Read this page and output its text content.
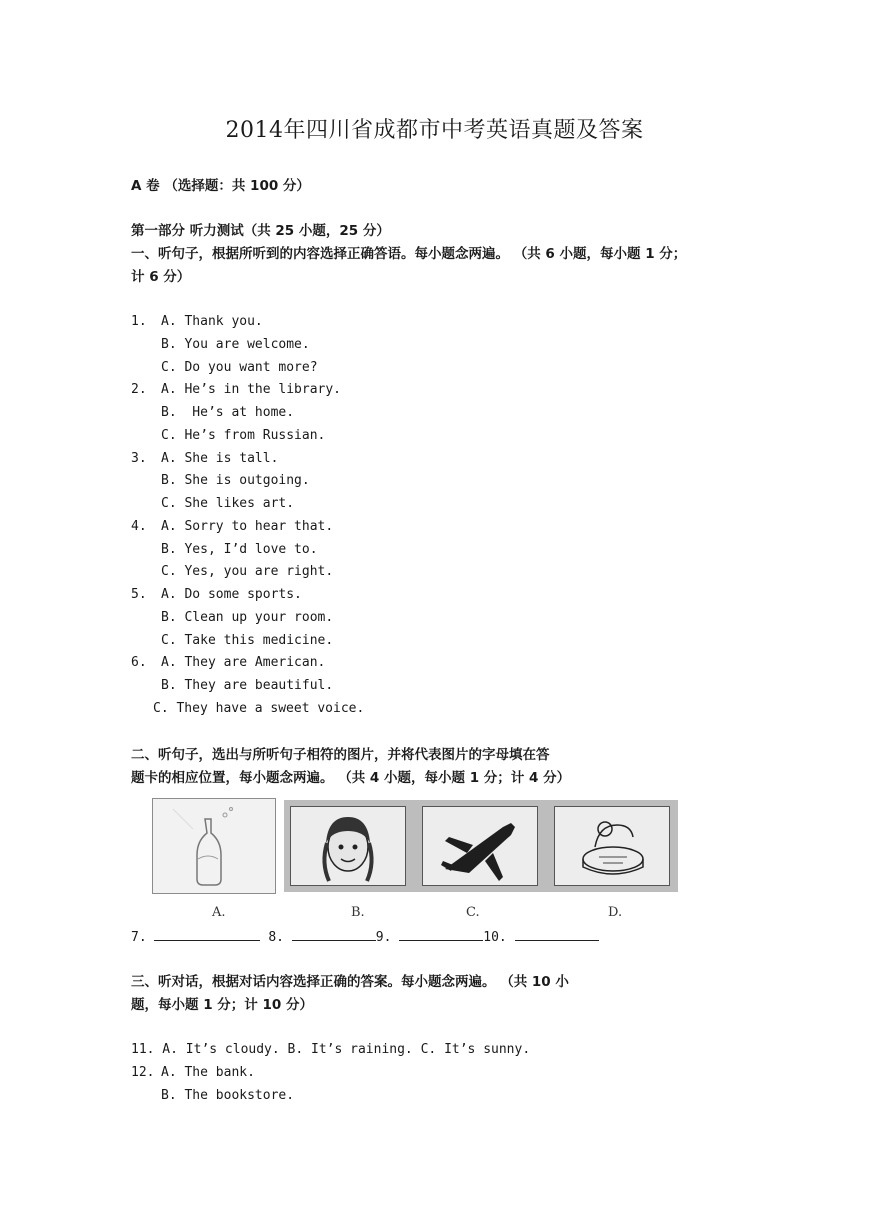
2014年四川省成都市中考英语真题及答案
A 卷 （选择题：共 100 分）
第一部分 听力测试（共 25 小题，25 分）
一、听句子，根据所听到的内容选择正确答语。每小题念两遍。 （共 6 小题，每小题 1 分；
计 6 分）
1. A. Thank you.
B. You are welcome.
C. Do you want more?
2. A. He’s in the library.
B.  He’s at home.
C. He’s from Russian.
3. A. She is tall.
B. She is outgoing.
C. She likes art.
4. A. Sorry to hear that.
B. Yes, I’d love to.
C. Yes, you are right.
5. A. Do some sports.
B. Clean up your room.
C. Take this medicine.
6. A. They are American.
B. They are beautiful.
C. They have a sweet voice.
二、听句子，选出与所听句子相符的图片，并将代表图片的字母填在答
题卡的相应位置，每小题念两遍。 （共 4 小题，每小题 1 分；计 4 分）
A.	B.	C.	D.
7.	8.	9.	10.
三、听对话，根据对话内容选择正确的答案。每小题念两遍。 （共 10 小
题，每小题 1 分；计 10 分）
11. A. It’s cloudy. B. It’s raining. C. It’s sunny.
12. A. The bank.
B. The bookstore.
